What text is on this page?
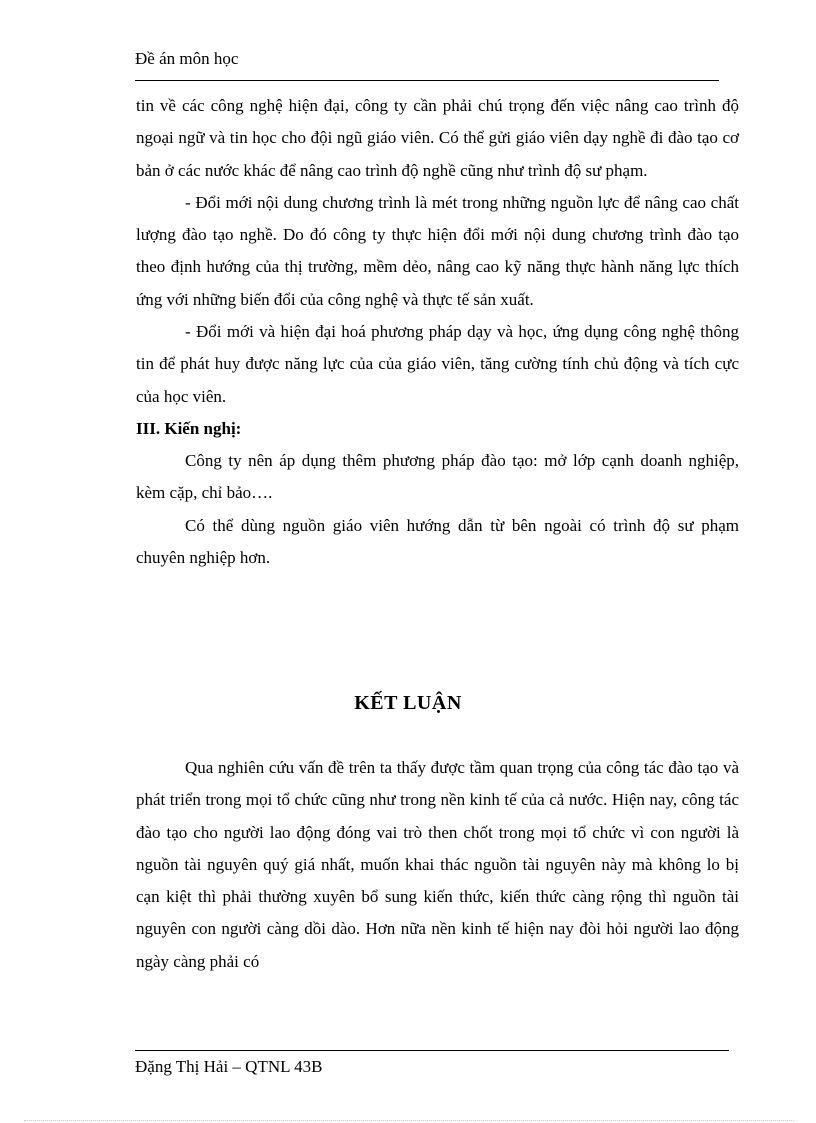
Đề án môn học

tin về các công nghệ hiện đại, công ty cần phải chú trọng đến việc nâng cao trình độ ngoại ngữ và tin học cho đội ngũ giáo viên. Có thể gửi giáo viên dạy nghề đi đào tạo cơ bản ở các nước khác để nâng cao trình độ nghề cũng như trình độ sư phạm.

- Đổi mới nội dung chương trình là mét trong những nguồn lực để nâng cao chất lượng đào tạo nghề. Do đó công ty thực hiện đổi mới nội dung chương trình đào tạo theo định hướng của thị trường, mềm dẻo, nâng cao kỹ năng thực hành năng lực thích ứng với những biến đổi của công nghệ và thực tế sản xuất.

- Đổi mới và hiện đại hoá phương pháp dạy và học, ứng dụng công nghệ thông tin để phát huy được năng lực của của giáo viên, tăng cường tính chủ động và tích cực của học viên.

III. Kiến nghị:

Công ty nên áp dụng thêm phương pháp đào tạo: mở lớp cạnh doanh nghiệp, kèm cặp, chỉ bảo….

Có thể dùng nguồn giáo viên hướng dẫn từ bên ngoài có trình độ sư phạm chuyên nghiệp hơn.

KẾT LUẬN

Qua nghiên cứu vấn đề trên ta thấy được tầm quan trọng của công tác đào tạo và phát triển trong mọi tổ chức cũng như trong nền kinh tế của cả nước. Hiện nay, công tác đào tạo cho người lao động đóng vai trò then chốt trong mọi tổ chức vì con người là nguồn tài nguyên quý giá nhất, muốn khai thác nguồn tài nguyên này mà không lo bị cạn kiệt thì phải thường xuyên bổ sung kiến thức, kiến thức càng rộng thì nguồn tài nguyên con người càng dồi dào. Hơn nữa nền kinh tế hiện nay đòi hỏi người lao động ngày càng phải có

Đặng Thị Hải – QTNL 43B
